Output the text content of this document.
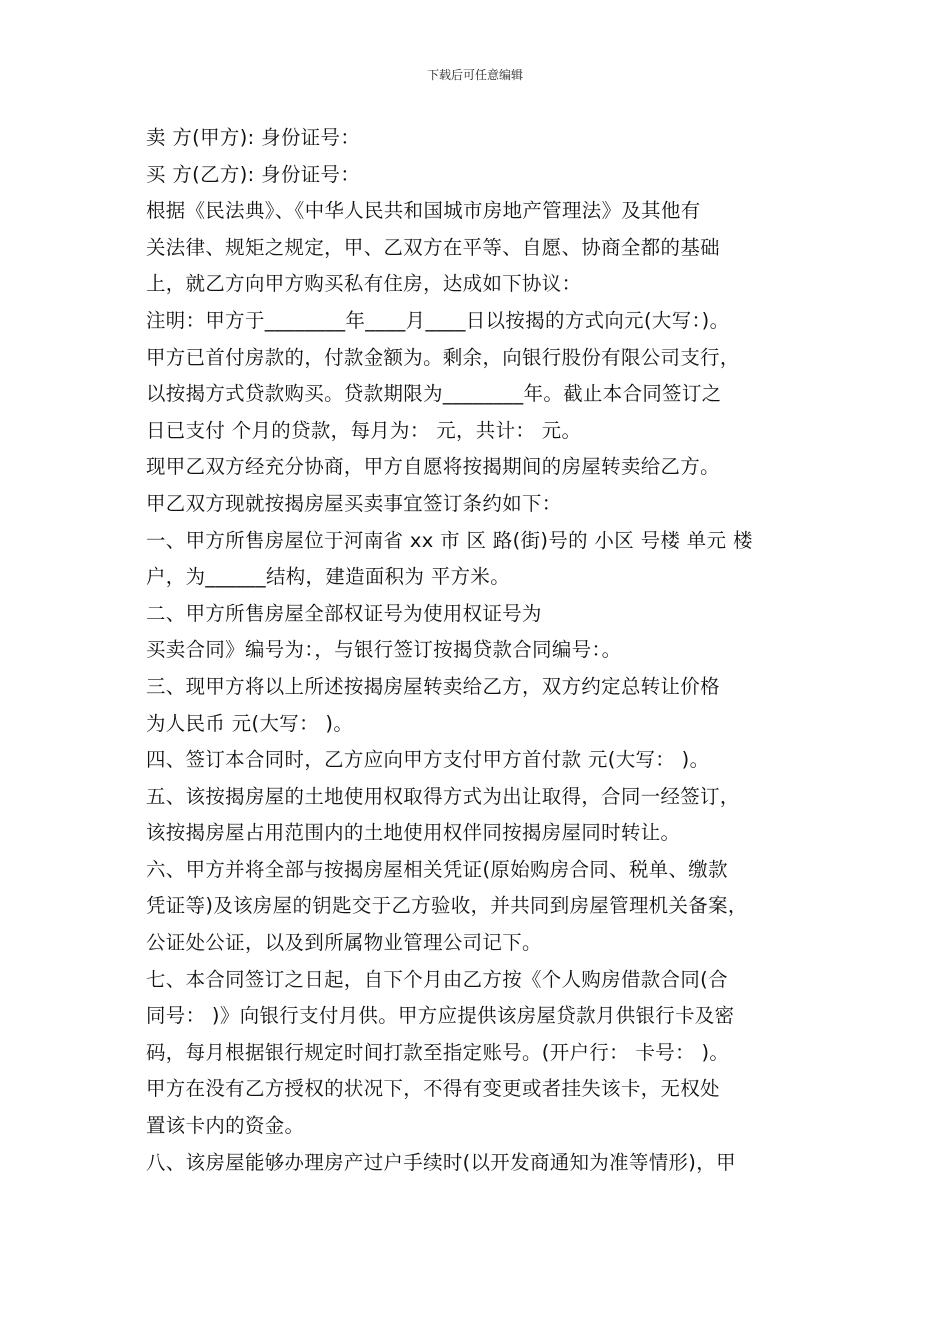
下载后可任意编辑
卖 方(甲方): 身份证号：
买 方(乙方): 身份证号：
根据《民法典》、《中华人民共和国城市房地产管理法》及其他有
关法律、规矩之规定，甲、乙双方在平等、自愿、协商全都的基础
上，就乙方向甲方购买私有住房，达成如下协议：
注明：甲方于________年____月____日以按揭的方式向元(大写：)。
甲方已首付房款的，付款金额为。剩余，向银行股份有限公司支行，
以按揭方式贷款购买。贷款期限为________年。截止本合同签订之
日已支付 个月的贷款，每月为： 元，共计： 元。
现甲乙双方经充分协商，甲方自愿将按揭期间的房屋转卖给乙方。
甲乙双方现就按揭房屋买卖事宜签订条约如下：
一、甲方所售房屋位于河南省 xx 市 区 路(街)号的 小区 号楼 单元 楼
户，为______结构，建造面积为 平方米。
二、甲方所售房屋全部权证号为使用权证号为
买卖合同》编号为：，与银行签订按揭贷款合同编号：。
三、现甲方将以上所述按揭房屋转卖给乙方，双方约定总转让价格
为人民币 元(大写： )。
四、签订本合同时，乙方应向甲方支付甲方首付款 元(大写： )。
五、该按揭房屋的土地使用权取得方式为出让取得，合同一经签订，
该按揭房屋占用范围内的土地使用权伴同按揭房屋同时转让。
六、甲方并将全部与按揭房屋相关凭证(原始购房合同、税单、缴款
凭证等)及该房屋的钥匙交于乙方验收，并共同到房屋管理机关备案，
公证处公证，以及到所属物业管理公司记下。
七、本合同签订之日起，自下个月由乙方按《个人购房借款合同(合
同号： )》向银行支付月供。甲方应提供该房屋贷款月供银行卡及密
码，每月根据银行规定时间打款至指定账号。(开户行： 卡号： )。
甲方在没有乙方授权的状况下，不得有变更或者挂失该卡，无权处
置该卡内的资金。
八、该房屋能够办理房产过户手续时(以开发商通知为准等情形)，甲
